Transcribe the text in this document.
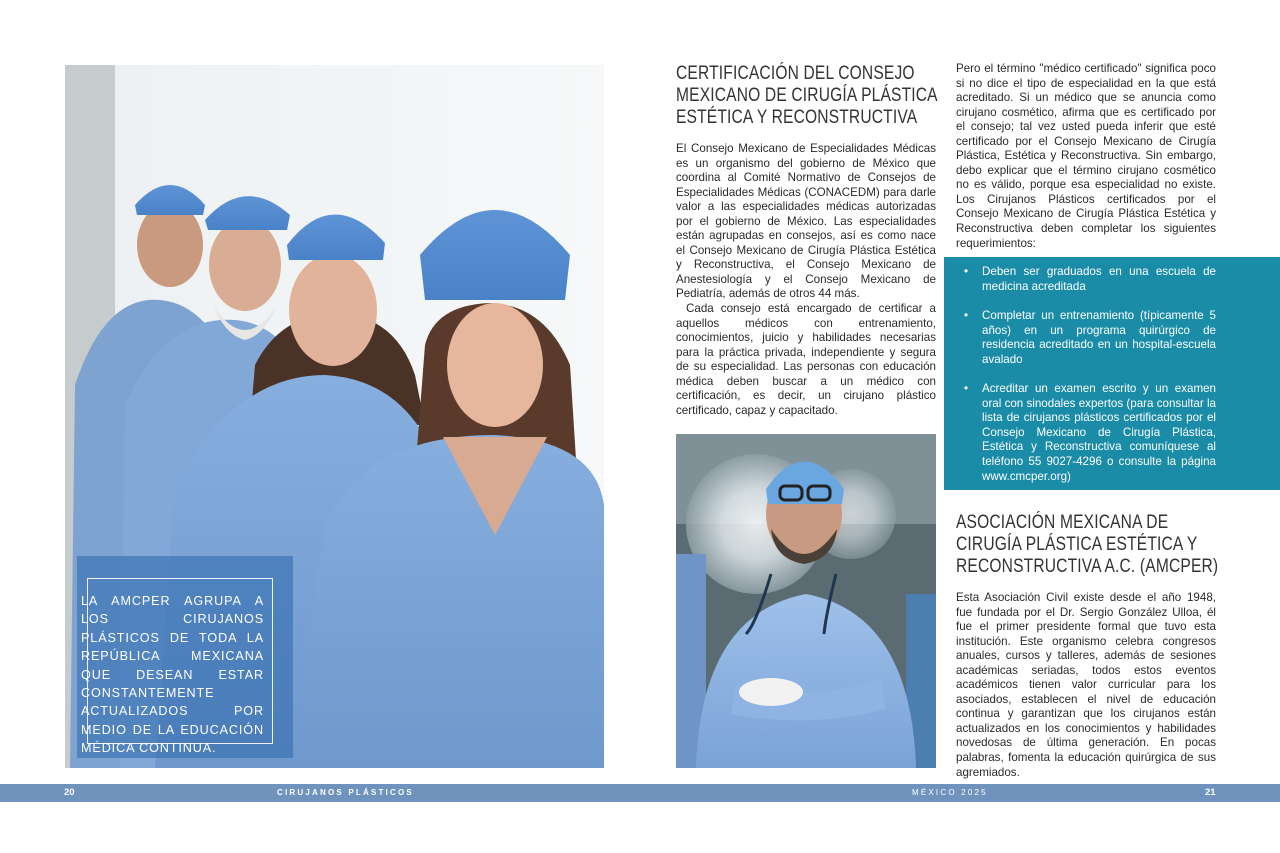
LA AMCPER AGRUPA A LOS CIRUJANOS PLÁSTICOS DE TODA LA REPÚBLICA MEXICANA QUE DESEAN ESTAR CONSTANTEMENTE ACTUALIZADOS POR MEDIO DE LA EDUCACIÓN MÉDICA CONTINUA.

CERTIFICACIÓN DEL CONSEJO
MEXICANO DE CIRUGÍA PLÁSTICA
ESTÉTICA Y RECONSTRUCTIVA

El Consejo Mexicano de Especialidades Médicas es un organismo del gobierno de México que coordina al Comité Normativo de Consejos de Especialidades Médicas (CONACEDM) para darle valor a las especialidades médicas autorizadas por el gobierno de México. Las especialidades están agrupadas en consejos, así es como nace el Consejo Mexicano de Cirugía Plástica Estética y Reconstructiva, el Consejo Mexicano de Anestesiología y el Consejo Mexicano de Pediatría, además de otros 44 más.

Cada consejo está encargado de certificar a aquellos médicos con entrenamiento, conocimientos, juicio y habilidades necesarias para la práctica privada, independiente y segura de su especialidad. Las personas con educación médica deben buscar a un médico con certificación, es decir, un cirujano plástico certificado, capaz y capacitado.

Pero el término "médico certificado" significa poco si no dice el tipo de especialidad en la que está acreditado. Si un médico que se anuncia como cirujano cosmético, afirma que es certificado por el consejo; tal vez usted pueda inferir que esté certificado por el Consejo Mexicano de Cirugía Plástica, Estética y Reconstructiva. Sin embargo, debo explicar que el término cirujano cosmético no es válido, porque esa especialidad no existe. Los Cirujanos Plásticos certificados por el Consejo Mexicano de Cirugía Plástica Estética y Reconstructiva deben completar los siguientes requerimientos:

• Deben ser graduados en una escuela de medicina acreditada
• Completar un entrenamiento (típicamente 5 años) en un programa quirúrgico de residencia acreditado en un hospital-escuela avalado
• Acreditar un examen escrito y un examen oral con sinodales expertos (para consultar la lista de cirujanos plásticos certificados por el Consejo Mexicano de Cirugía Plástica, Estética y Reconstructiva comuníquese al teléfono 55 9027-4296 o consulte la página www.cmcper.org)
ASOCIACIÓN MEXICANA DE
CIRUGÍA PLÁSTICA ESTÉTICA Y
RECONSTRUCTIVA A.C. (AMCPER)

Esta Asociación Civil existe desde el año 1948, fue fundada por el Dr. Sergio González Ulloa, él fue el primer presidente formal que tuvo esta institución. Este organismo celebra congresos anuales, cursos y talleres, además de sesiones académicas seriadas, todos estos eventos académicos tienen valor curricular para los asociados, establecen el nivel de educación continua y garantizan que los cirujanos están actualizados en los conocimientos y habilidades novedosas de última generación. En pocas palabras, fomenta la educación quirúrgica de sus agremiados.

20	CIRUJANOS PLÁSTICOS	MÉXICO 2025	21
